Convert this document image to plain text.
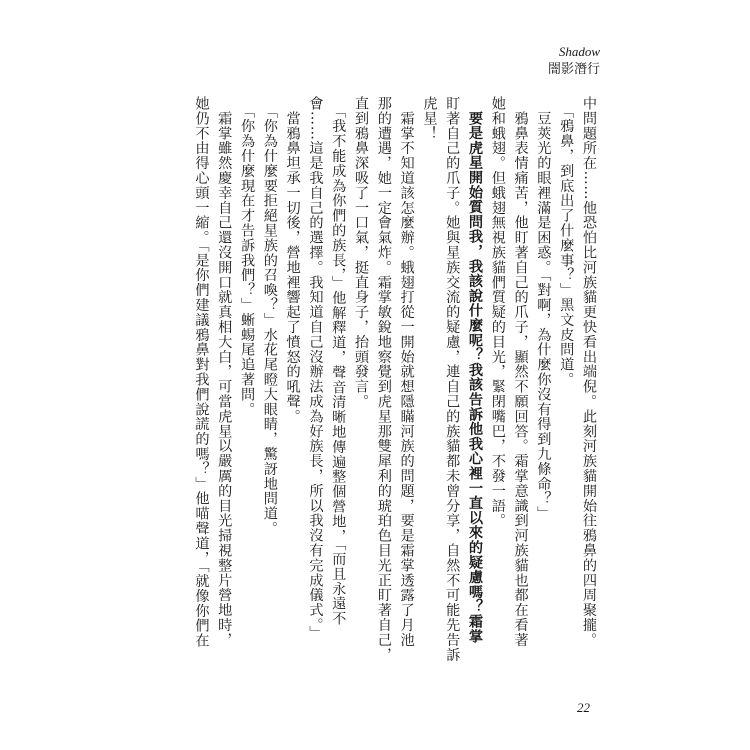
Shadow
闇影潛行
中問題所在……他恐怕比河族貓更快看出端倪。此刻河族貓開始往鴉鼻的四周聚攏。
　「鴉鼻，到底出了什麼事？」黑文皮問道。
　豆莢光的眼裡滿是困惑。「對啊，為什麼你沒有得到九條命？」
　鴉鼻表情痛苦，他盯著自己的爪子，顯然不願回答。霜掌意識到河族貓也都在看著
她和蛾翅。但蛾翅無視族貓們質疑的目光，緊閉嘴巴，不發一語。
　要是虎星開始質問我，我該說什麼呢？我該告訴他我心裡一直以來的疑慮嗎？霜掌
盯著自己的爪子。她與星族交流的疑慮，連自己的族貓都未曾分享，自然不可能先告訴
虎星！
　霜掌不知道該怎麼辦。蛾翅打從一開始就想隱瞞河族的問題，要是霜掌透露了月池
那的遭遇，她一定會氣炸。霜掌敏銳地察覺到虎星那雙犀利的琥珀色目光正盯著自己，
直到鴉鼻深吸了一口氣，挺直身子，抬頭發言。
　「我不能成為你們的族長，」他解釋道，聲音清晰地傳遍整個營地，「而且永遠不
會……這是我自己的選擇。我知道自己沒辦法成為好族長，所以我沒有完成儀式。」
　當鴉鼻坦承一切後，營地裡響起了憤怒的吼聲。
　「你為什麼要拒絕星族的召喚？」水花尾瞪大眼睛，驚訝地問道。
　「你為什麼現在才告訴我們？」蜥蜴尾追著問。
　霜掌雖然慶幸自己還沒開口就真相大白，可當虎星以嚴厲的目光掃視整片營地時，
她仍不由得心頭一縮。「是你們建議鴉鼻對我們說謊的嗎？」他喵聲道，「就像你們在
22
